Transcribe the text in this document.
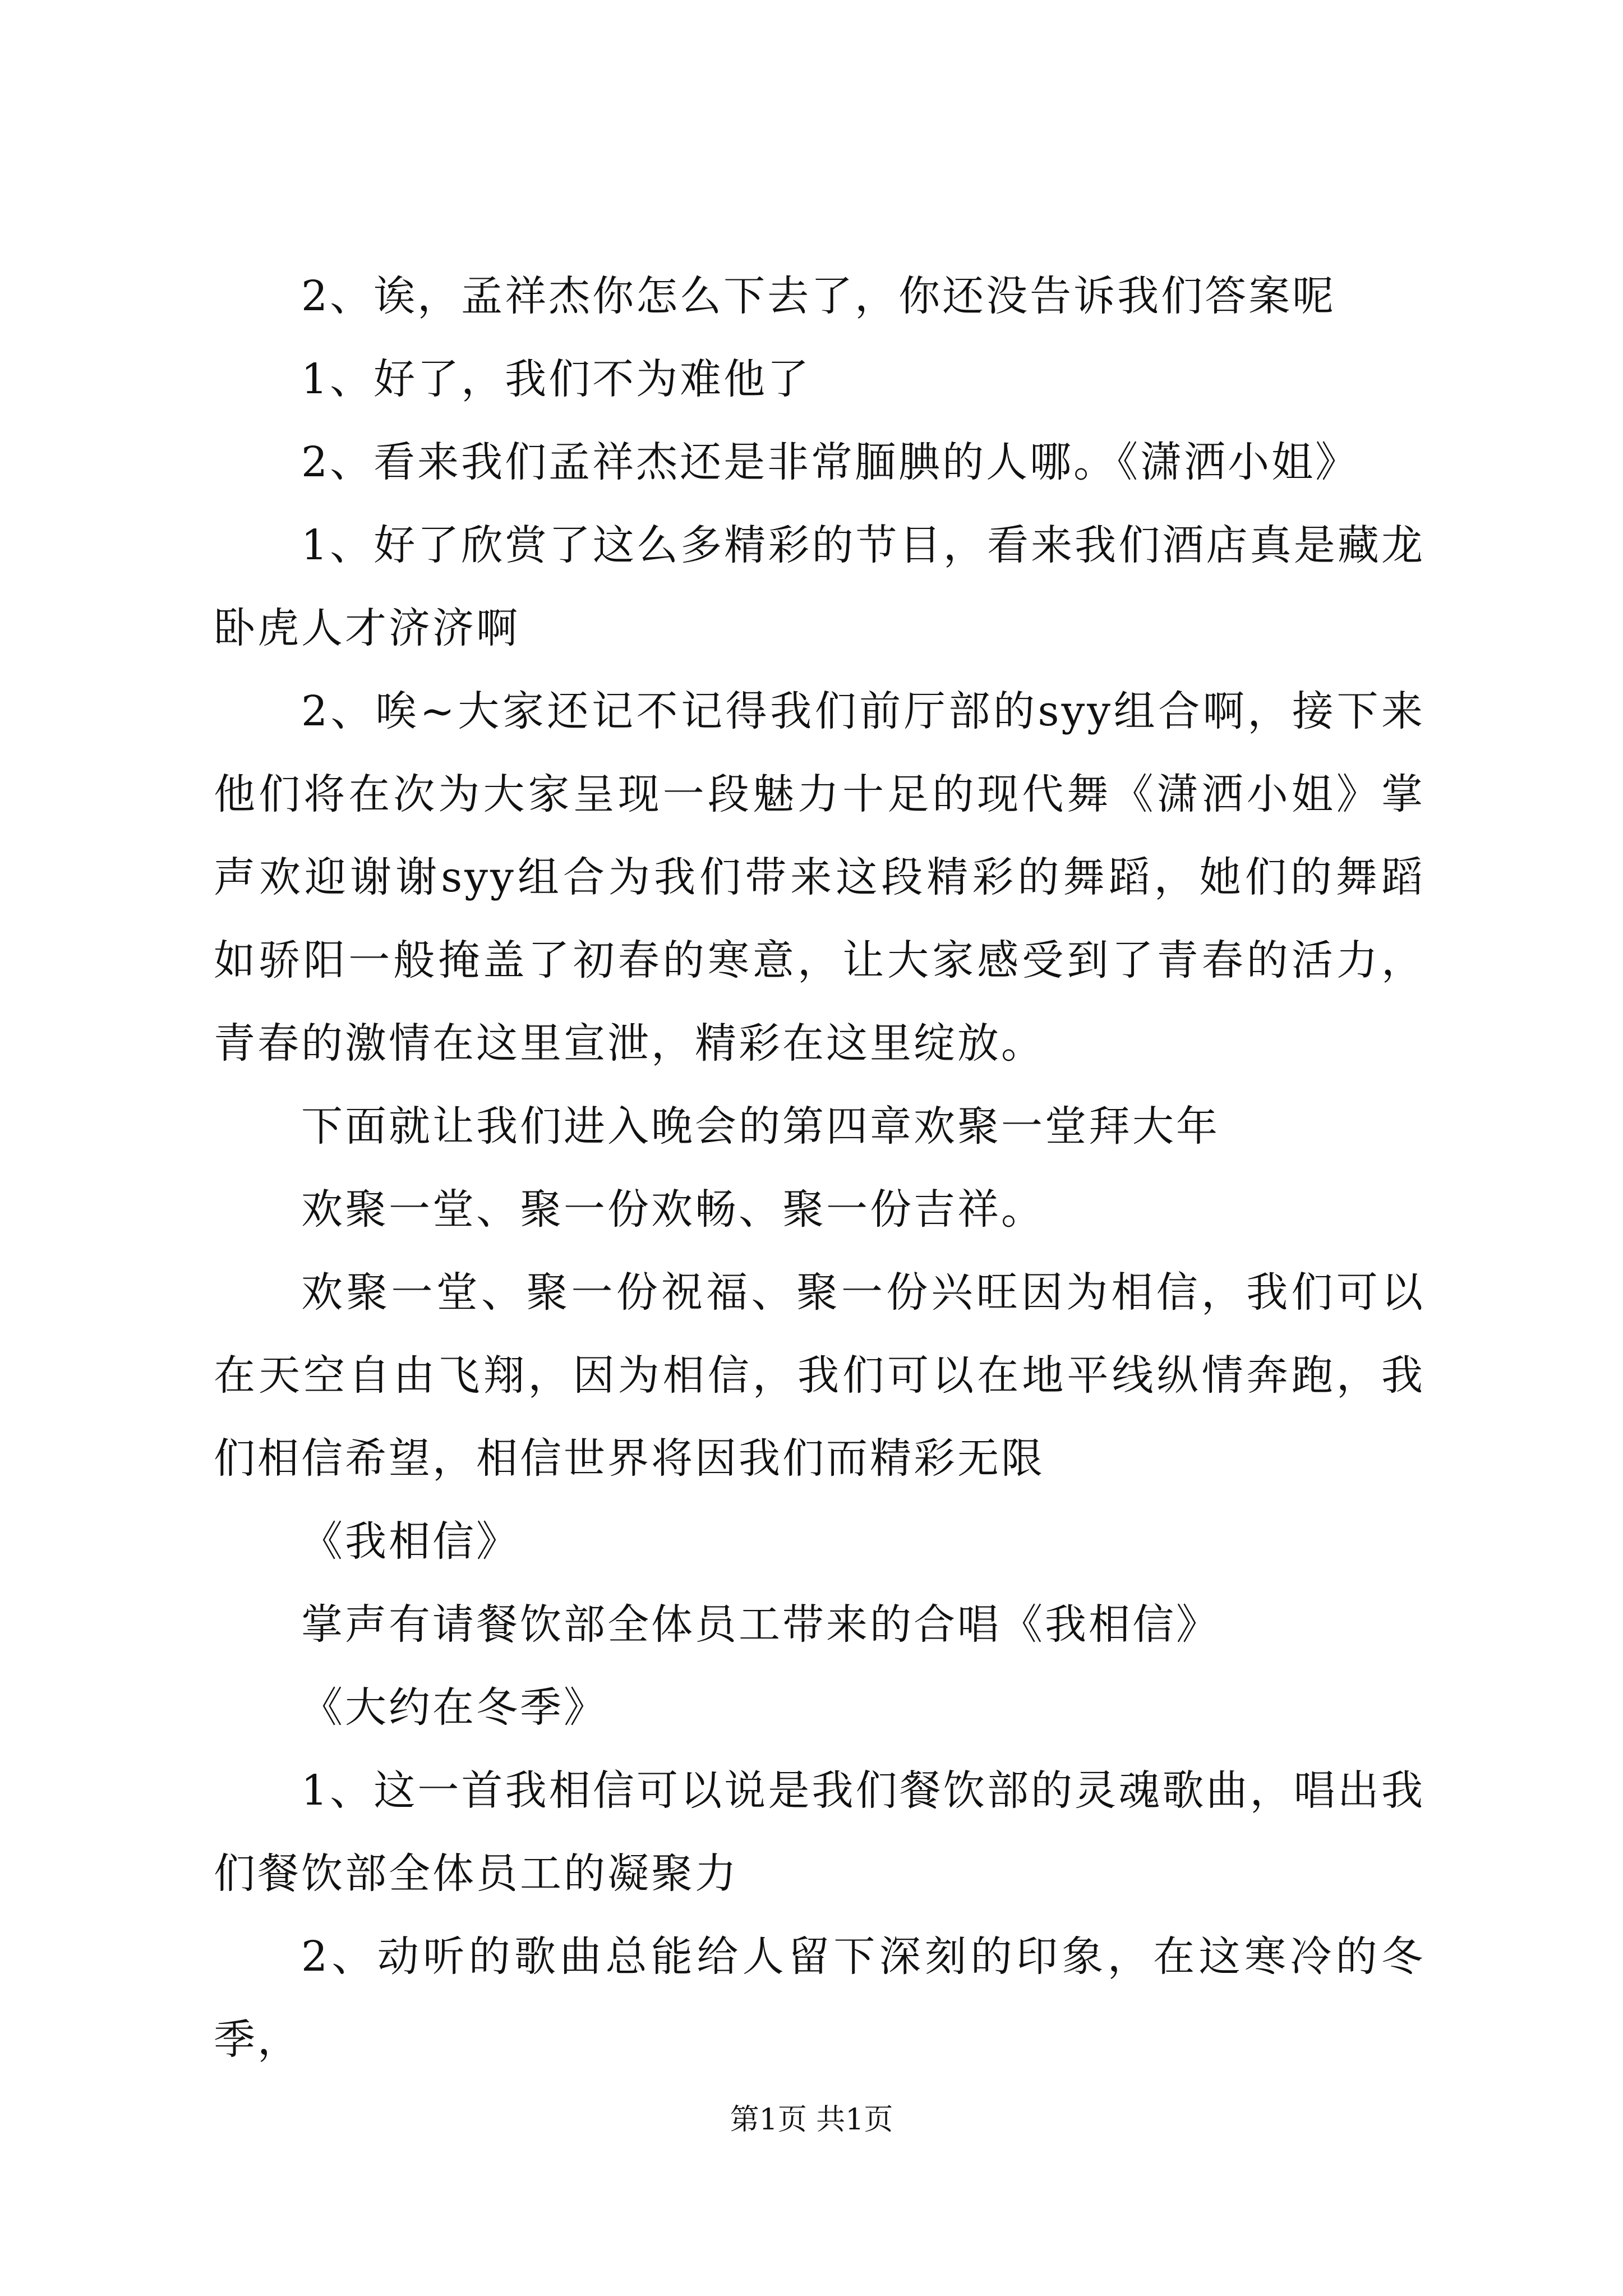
2、诶，孟祥杰你怎么下去了，你还没告诉我们答案呢

1、好了，我们不为难他了

2、看来我们孟祥杰还是非常腼腆的人哪。《潇洒小姐》

1、好了欣赏了这么多精彩的节目，看来我们酒店真是藏龙卧虎人才济济啊

2、唉~大家还记不记得我们前厅部的syy组合啊，接下来他们将在次为大家呈现一段魅力十足的现代舞《潇洒小姐》掌声欢迎谢谢syy组合为我们带来这段精彩的舞蹈，她们的舞蹈如骄阳一般掩盖了初春的寒意，让大家感受到了青春的活力，青春的激情在这里宣泄，精彩在这里绽放。

下面就让我们进入晚会的第四章欢聚一堂拜大年

欢聚一堂、聚一份欢畅、聚一份吉祥。

欢聚一堂、聚一份祝福、聚一份兴旺因为相信，我们可以在天空自由飞翔，因为相信，我们可以在地平线纵情奔跑，我们相信希望，相信世界将因我们而精彩无限

《我相信》

掌声有请餐饮部全体员工带来的合唱《我相信》

《大约在冬季》

1、这一首我相信可以说是我们餐饮部的灵魂歌曲，唱出我们餐饮部全体员工的凝聚力

2、动听的歌曲总能给人留下深刻的印象，在这寒冷的冬季，

第1页 共1页
